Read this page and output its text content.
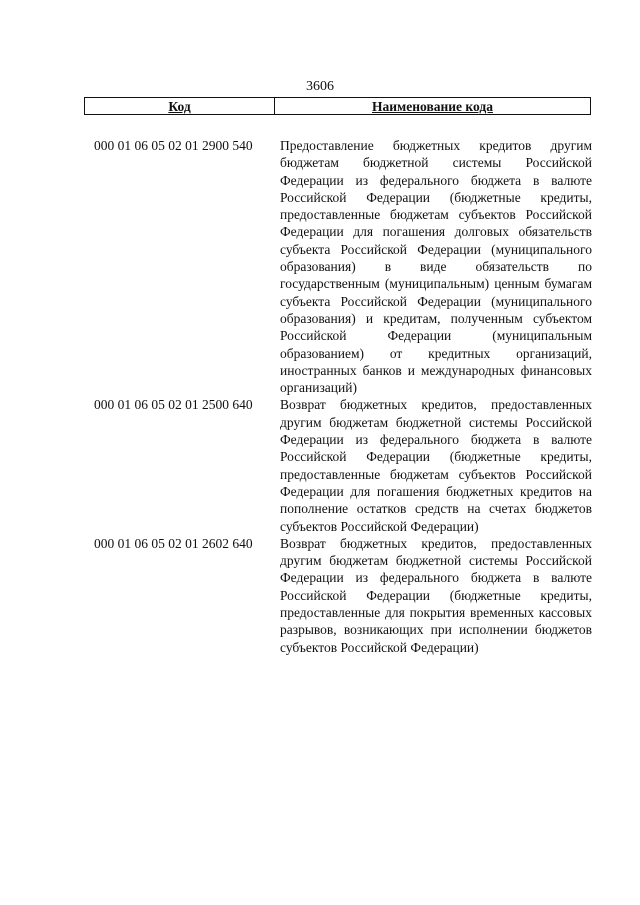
3606
Код	Наименование кода
000 01 06 05 02 01 2900 540	Предоставление бюджетных кредитов другим бюджетам бюджетной системы Российской Федерации из федерального бюджета в валюте Российской Федерации (бюджетные кредиты, предоставленные бюджетам субъектов Российской Федерации для погашения долговых обязательств субъекта Российской Федерации (муниципального образования) в виде обязательств по государственным (муниципальным) ценным бумагам субъекта Российской Федерации (муниципального образования) и кредитам, полученным субъектом Российской Федерации (муниципальным образованием) от кредитных организаций, иностранных банков и международных финансовых организаций)
000 01 06 05 02 01 2500 640	Возврат бюджетных кредитов, предоставленных другим бюджетам бюджетной системы Российской Федерации из федерального бюджета в валюте Российской Федерации (бюджетные кредиты, предоставленные бюджетам субъектов Российской Федерации для погашения бюджетных кредитов на пополнение остатков средств на счетах бюджетов субъектов Российской Федерации)
000 01 06 05 02 01 2602 640	Возврат бюджетных кредитов, предоставленных другим бюджетам бюджетной системы Российской Федерации из федерального бюджета в валюте Российской Федерации (бюджетные кредиты, предоставленные для покрытия временных кассовых разрывов, возникающих при исполнении бюджетов субъектов Российской Федерации)
